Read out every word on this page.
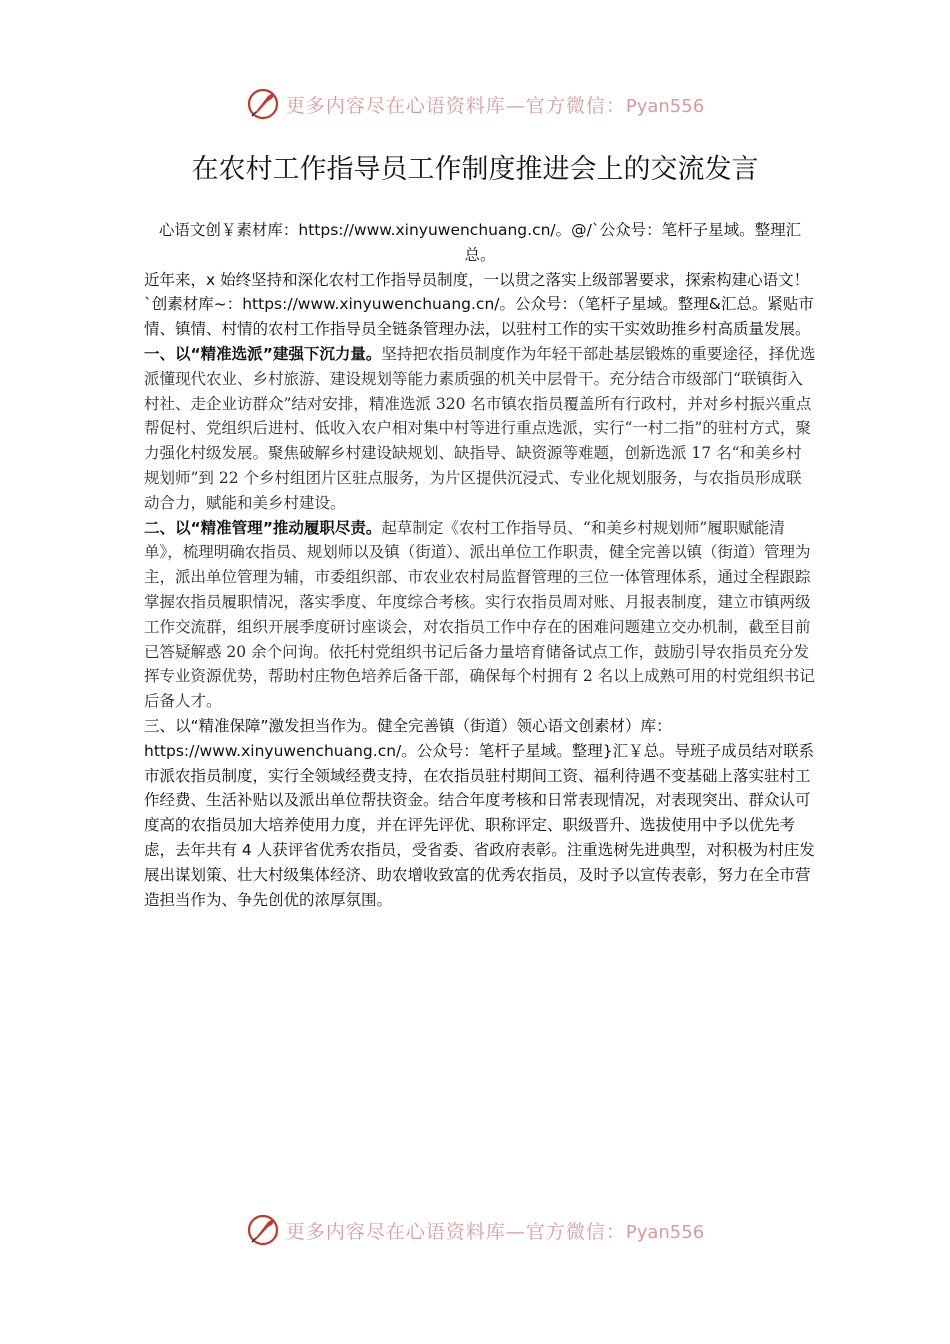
更多内容尽在心语资料库—官方微信：Pyan556
在农村工作指导员工作制度推进会上的交流发言

心语文创￥素材库：https://www.xinyuwenchuang.cn/。@/`公众号：笔杆子星域。整理汇总。

近年来，x 始终坚持和深化农村工作指导员制度，一以贯之落实上级部署要求，探索构建心语文！`创素材库~：https://www.xinyuwenchuang.cn/。公众号：（笔杆子星域。整理&汇总。紧贴市情、镇情、村情的农村工作指导员全链条管理办法，以驻村工作的实干实效助推乡村高质量发展。

一、以“精准选派”建强下沉力量。坚持把农指员制度作为年轻干部赴基层锻炼的重要途径，择优选派懂现代农业、乡村旅游、建设规划等能力素质强的机关中层骨干。充分结合市级部门“联镇街入村社、走企业访群众”结对安排，精准选派 320 名市镇农指员覆盖所有行政村，并对乡村振兴重点帮促村、党组织后进村、低收入农户相对集中村等进行重点选派，实行“一村二指”的驻村方式，聚力强化村级发展。聚焦破解乡村建设缺规划、缺指导、缺资源等难题，创新选派 17 名“和美乡村规划师”到 22 个乡村组团片区驻点服务，为片区提供沉浸式、专业化规划服务，与农指员形成联动合力，赋能和美乡村建设。

二、以“精准管理”推动履职尽责。起草制定《农村工作指导员、“和美乡村规划师”履职赋能清单》，梳理明确农指员、规划师以及镇（街道）、派出单位工作职责，健全完善以镇（街道）管理为主，派出单位管理为辅，市委组织部、市农业农村局监督管理的三位一体管理体系，通过全程跟踪掌握农指员履职情况，落实季度、年度综合考核。实行农指员周对账、月报表制度，建立市镇两级工作交流群，组织开展季度研讨座谈会，对农指员工作中存在的困难问题建立交办机制，截至目前已答疑解惑 20 余个问询。依托村党组织书记后备力量培育储备试点工作，鼓励引导农指员充分发挥专业资源优势，帮助村庄物色培养后备干部，确保每个村拥有 2 名以上成熟可用的村党组织书记后备人才。

三、以“精准保障”激发担当作为。健全完善镇（街道）领心语文创素材）库：https://www.xinyuwenchuang.cn/。公众号：笔杆子星域。整理}汇￥总。导班子成员结对联系市派农指员制度，实行全领域经费支持，在农指员驻村期间工资、福利待遇不变基础上落实驻村工作经费、生活补贴以及派出单位帮扶资金。结合年度考核和日常表现情况，对表现突出、群众认可度高的农指员加大培养使用力度，并在评先评优、职称评定、职级晋升、选拔使用中予以优先考虑，去年共有 4 人获评省优秀农指员，受省委、省政府表彰。注重选树先进典型，对积极为村庄发展出谋划策、壮大村级集体经济、助农增收致富的优秀农指员，及时予以宣传表彰，努力在全市营造担当作为、争先创优的浓厚氛围。

更多内容尽在心语资料库—官方微信：Pyan556
